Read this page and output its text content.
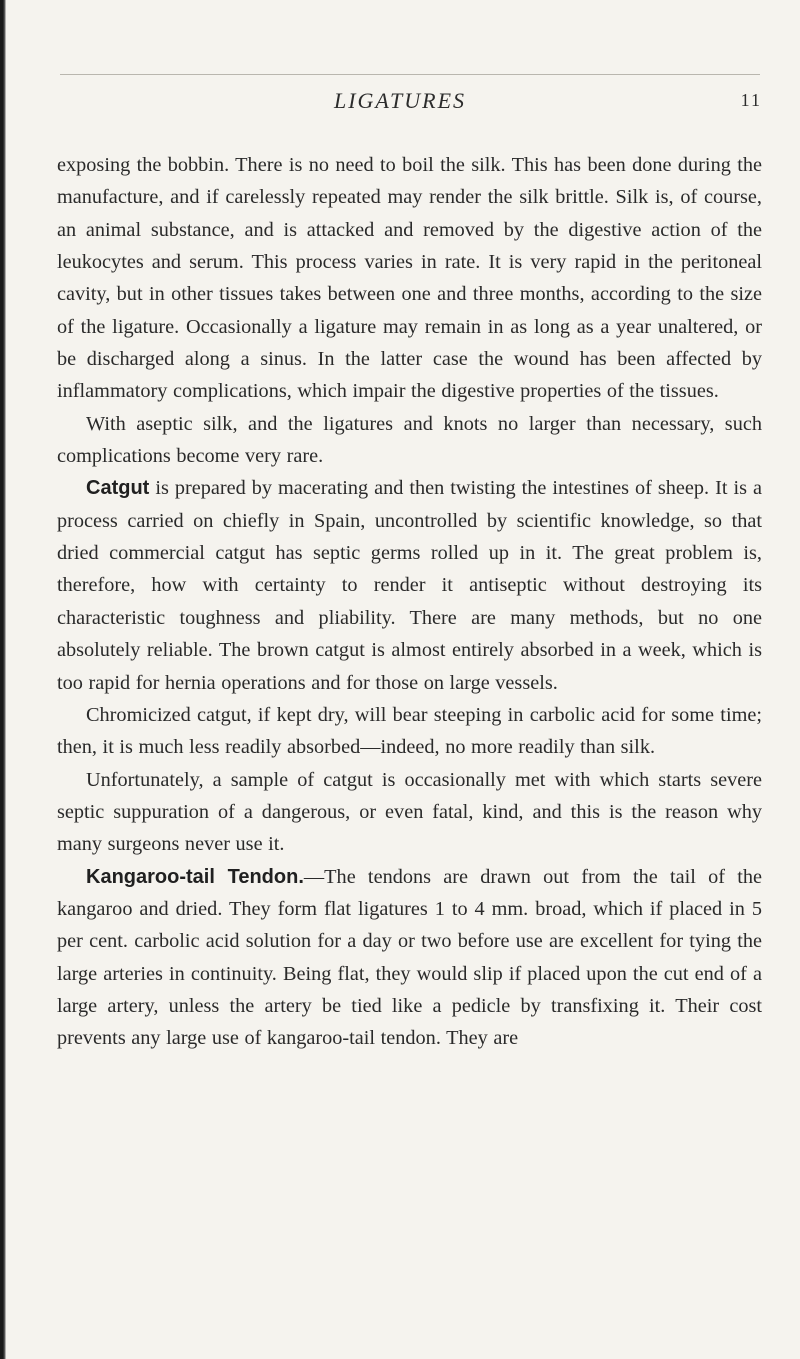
LIGATURES	11

exposing the bobbin. There is no need to boil the silk. This has been done during the manufacture, and if carelessly repeated may render the silk brittle. Silk is, of course, an animal substance, and is attacked and removed by the digestive action of the leukocytes and serum. This process varies in rate. It is very rapid in the peritoneal cavity, but in other tissues takes between one and three months, according to the size of the ligature. Occasionally a ligature may remain in as long as a year unaltered, or be discharged along a sinus. In the latter case the wound has been affected by inflammatory complications, which impair the digestive properties of the tissues.

With aseptic silk, and the ligatures and knots no larger than necessary, such complications become very rare.

Catgut is prepared by macerating and then twisting the intestines of sheep. It is a process carried on chiefly in Spain, uncontrolled by scientific knowledge, so that dried commercial catgut has septic germs rolled up in it. The great problem is, therefore, how with certainty to render it antiseptic without destroying its characteristic toughness and pliability. There are many methods, but no one absolutely reliable. The brown catgut is almost entirely absorbed in a week, which is too rapid for hernia operations and for those on large vessels.

Chromicized catgut, if kept dry, will bear steeping in carbolic acid for some time; then, it is much less readily absorbed—indeed, no more readily than silk.

Unfortunately, a sample of catgut is occasionally met with which starts severe septic suppuration of a dangerous, or even fatal, kind, and this is the reason why many surgeons never use it.

Kangaroo-tail Tendon.—The tendons are drawn out from the tail of the kangaroo and dried. They form flat ligatures 1 to 4 mm. broad, which if placed in 5 per cent. carbolic acid solution for a day or two before use are excellent for tying the large arteries in continuity. Being flat, they would slip if placed upon the cut end of a large artery, unless the artery be tied like a pedicle by transfixing it. Their cost prevents any large use of kangaroo-tail tendon. They are
